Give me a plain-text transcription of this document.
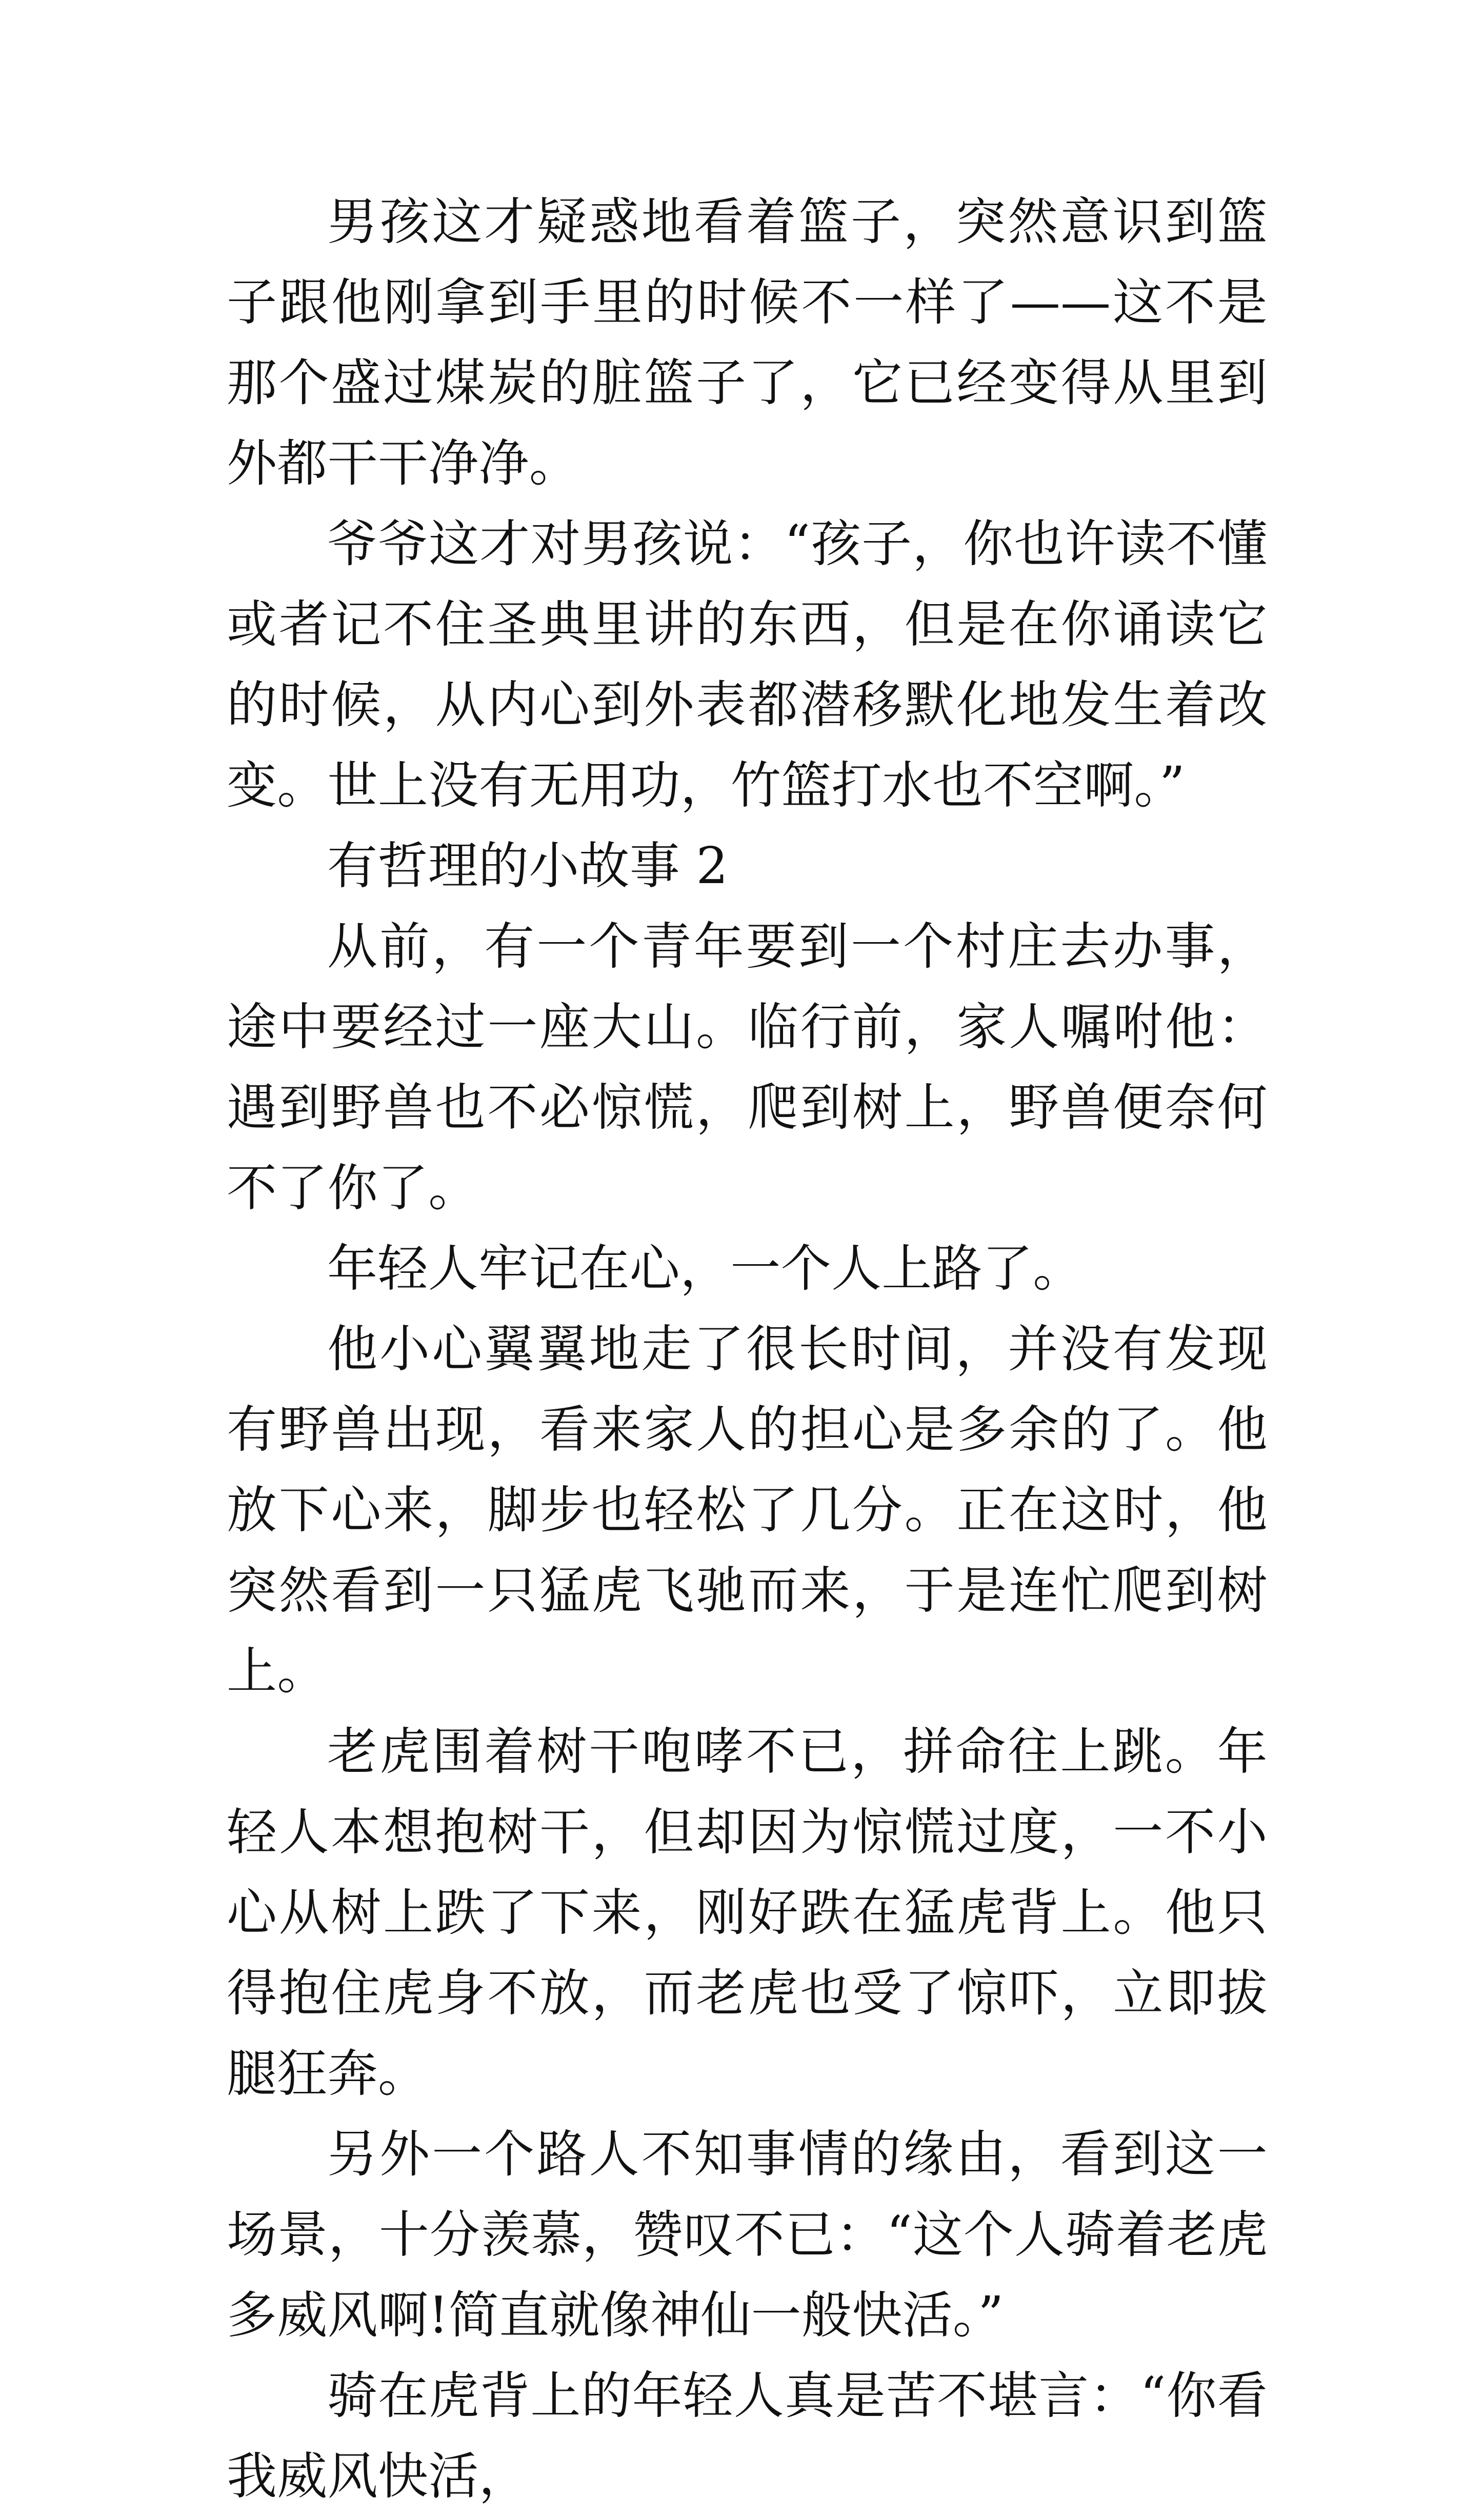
男孩这才疑惑地看着篮子，突然意识到篮子跟他刚拿到手里的时候不一样了——这不是那个盛过煤炭的脏篮子了，它已经变得从里到外都干干净净。

爷爷这才对男孩说：“孩子，你也许读不懂或者记不住圣典里讲的东西，但是在你诵读它的时候，从内心到外表都潜移默化地发生着改变。世上没有无用功，竹篮打水也不空啊。”

有哲理的小故事 2

从前，有一个青年要到一个村庄去办事，途中要经过一座大山。临行前，家人嘱咐他：遇到野兽也不必惊慌，爬到树上，野兽便奈何不了你了。

年轻人牢记在心，一个人上路了。

他小心翼翼地走了很长时间，并没有发现有野兽出现，看来家人的担心是多余的了。他放下心来，脚步也轻松了几分。正在这时，他突然看到一只猛虎飞驰而来，于是连忙爬到树上。

老虎围着树干咆哮不已，拼命往上跳。年轻人本想抱树干，但却因为惊慌过度，一不小心从树上跌了下来，刚好跌在猛虎背上。他只得抱住虎身不放，而老虎也受了惊吓，立即拔腿狂奔。

另外一个路人不知事情的缘由，看到这一场景，十分羡慕，赞叹不已：“这个人骑着老虎多威风啊!简直就像神仙一般快活。”

骑在虎背上的年轻人真是苦不堪言：“你看我威风快活，
